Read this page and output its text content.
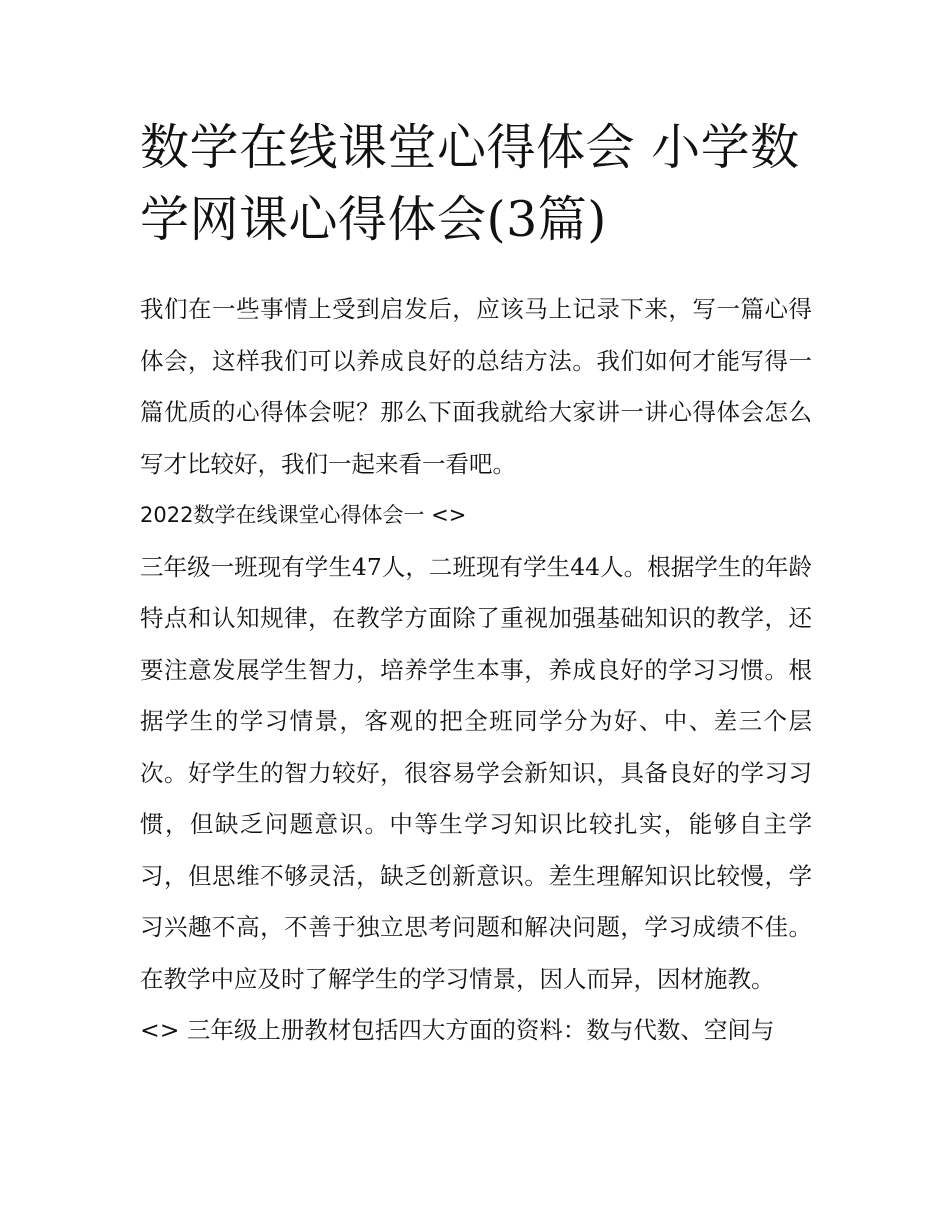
数学在线课堂心得体会 小学数学网课心得体会(3篇)

我们在一些事情上受到启发后，应该马上记录下来，写一篇心得体会，这样我们可以养成良好的总结方法。我们如何才能写得一篇优质的心得体会呢？那么下面我就给大家讲一讲心得体会怎么写才比较好，我们一起来看一看吧。

2022数学在线课堂心得体会一 <>

三年级一班现有学生47人，二班现有学生44人。根据学生的年龄特点和认知规律，在教学方面除了重视加强基础知识的教学，还要注意发展学生智力，培养学生本事，养成良好的学习习惯。根据学生的学习情景，客观的把全班同学分为好、中、差三个层次。好学生的智力较好，很容易学会新知识，具备良好的学习习惯，但缺乏问题意识。中等生学习知识比较扎实，能够自主学习，但思维不够灵活，缺乏创新意识。差生理解知识比较慢，学习兴趣不高，不善于独立思考问题和解决问题，学习成绩不佳。在教学中应及时了解学生的学习情景，因人而异，因材施教。

<> 三年级上册教材包括四大方面的资料：数与代数、空间与
